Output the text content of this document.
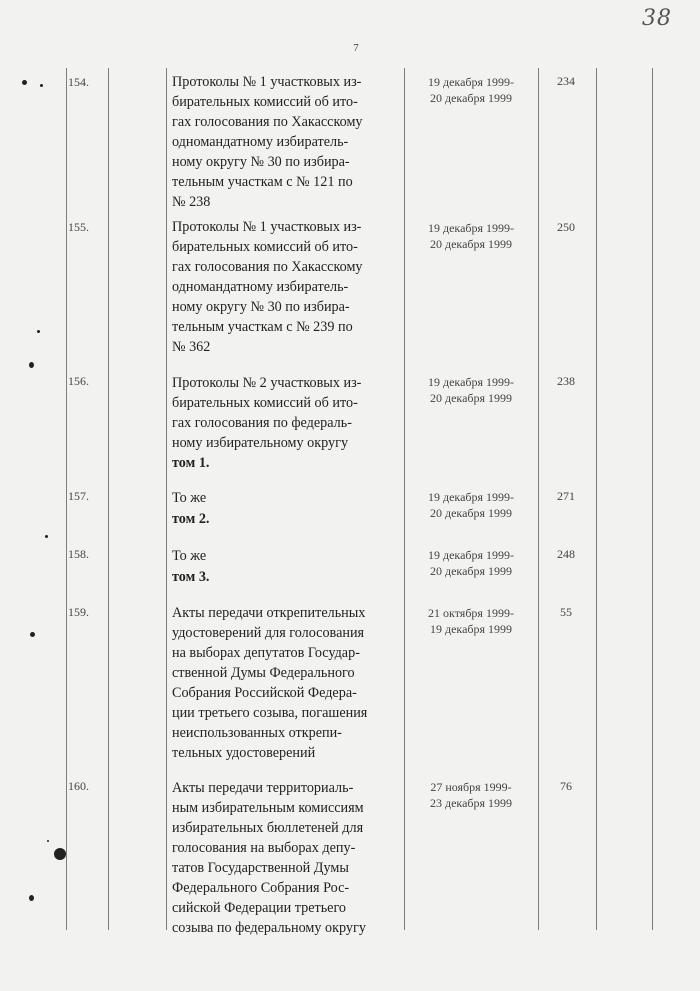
7
38
154.	Протоколы № 1 участковых из-
бирательных комиссий об ито-
гах голосования по Хакасскому
одномандатному избиратель-
ному округу № 30 по избира-
тельным участкам с № 121 по
№ 238
19 декабря 1999-
20 декабря 1999
234
155.	Протоколы № 1 участковых из-
бирательных комиссий об ито-
гах голосования по Хакасскому
одномандатному избиратель-
ному округу № 30 по избира-
тельным участкам с № 239 по
№ 362
19 декабря 1999-
20 декабря 1999
250
156.	Протоколы № 2 участковых из-
бирательных комиссий об ито-
гах голосования по федераль-
ному избирательному округу
том 1.
19 декабря 1999-
20 декабря 1999
238
157.	То же
том 2.
19 декабря 1999-
20 декабря 1999
271
158.	То же
том 3.
19 декабря 1999-
20 декабря 1999
248
159.	Акты передачи открепительных
удостоверений для голосования
на выборах депутатов Государ-
ственной Думы Федерального
Собрания Российской Федера-
ции третьего созыва, погашения
неиспользованных открепи-
тельных удостоверений
21 октября 1999-
19 декабря 1999
55
160.	Акты передачи территориаль-
ным избирательным комиссиям
избирательных бюллетеней для
голосования на выборах депу-
татов Государственной Думы
Федерального Собрания Рос-
сийской Федерации третьего
созыва по федеральному округу
27 ноября 1999-
23 декабря 1999
76
